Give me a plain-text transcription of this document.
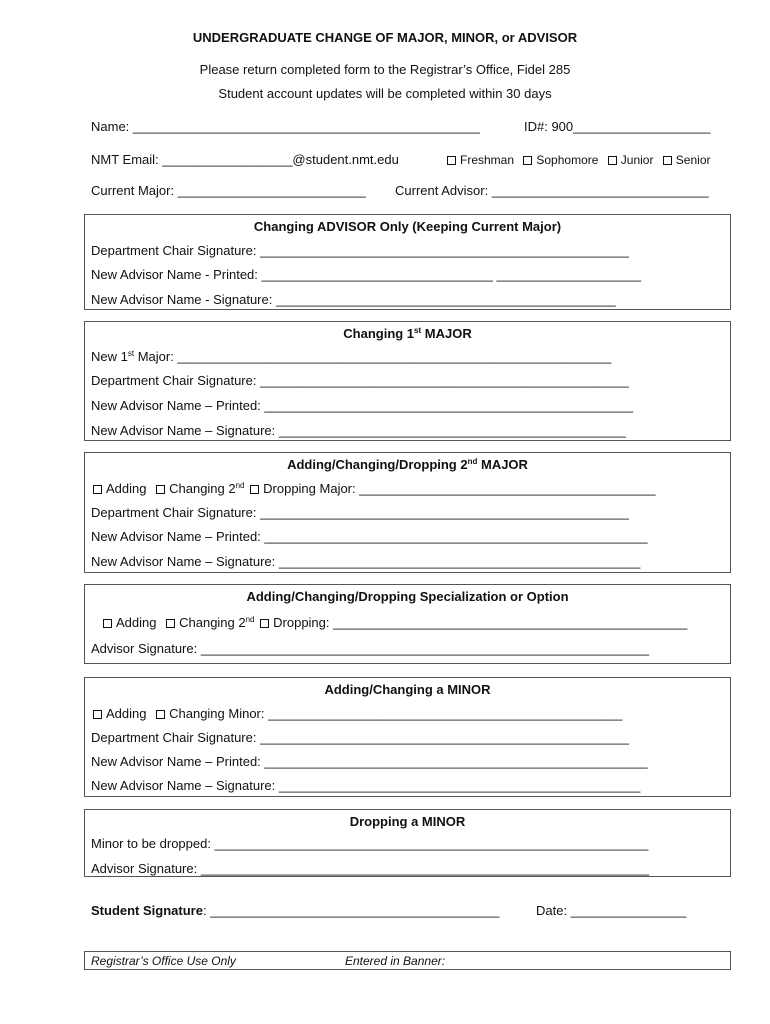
UNDERGRADUATE CHANGE OF MAJOR, MINOR, or ADVISOR
Please return completed form to the Registrar’s Office, Fidel 285
Student account updates will be completed within 30 days
Name: ________________________________________________	ID#: 900___________________
NMT Email: __________________@student.nmt.edu	Freshman Sophomore Junior Senior
Current Major: __________________________ Current Advisor: ______________________________
Changing ADVISOR Only (Keeping Current Major)
Department Chair Signature: ___________________________________________________
New Advisor Name - Printed: ________________________________ ____________________
New Advisor Name - Signature: _______________________________________________
Changing 1st MAJOR
New 1st Major: ____________________________________________________________
Department Chair Signature: ___________________________________________________
New Advisor Name – Printed: ___________________________________________________
New Advisor Name – Signature: ________________________________________________
Adding/Changing/Dropping 2nd MAJOR
Adding Changing 2nd Dropping Major: _________________________________________
Department Chair Signature: ___________________________________________________
New Advisor Name – Printed: _____________________________________________________
New Advisor Name – Signature: __________________________________________________
Adding/Changing/Dropping Specialization or Option
Adding Changing 2nd Dropping: _________________________________________________
Advisor Signature: ______________________________________________________________
Adding/Changing a MINOR
Adding Changing Minor: _________________________________________________
Department Chair Signature: ___________________________________________________
New Advisor Name – Printed: _____________________________________________________
New Advisor Name – Signature: __________________________________________________
Dropping a MINOR
Minor to be dropped: ____________________________________________________________
Advisor Signature: ______________________________________________________________
Student Signature: ________________________________________	Date: ________________
Registrar’s Office Use Only	Entered in Banner:
